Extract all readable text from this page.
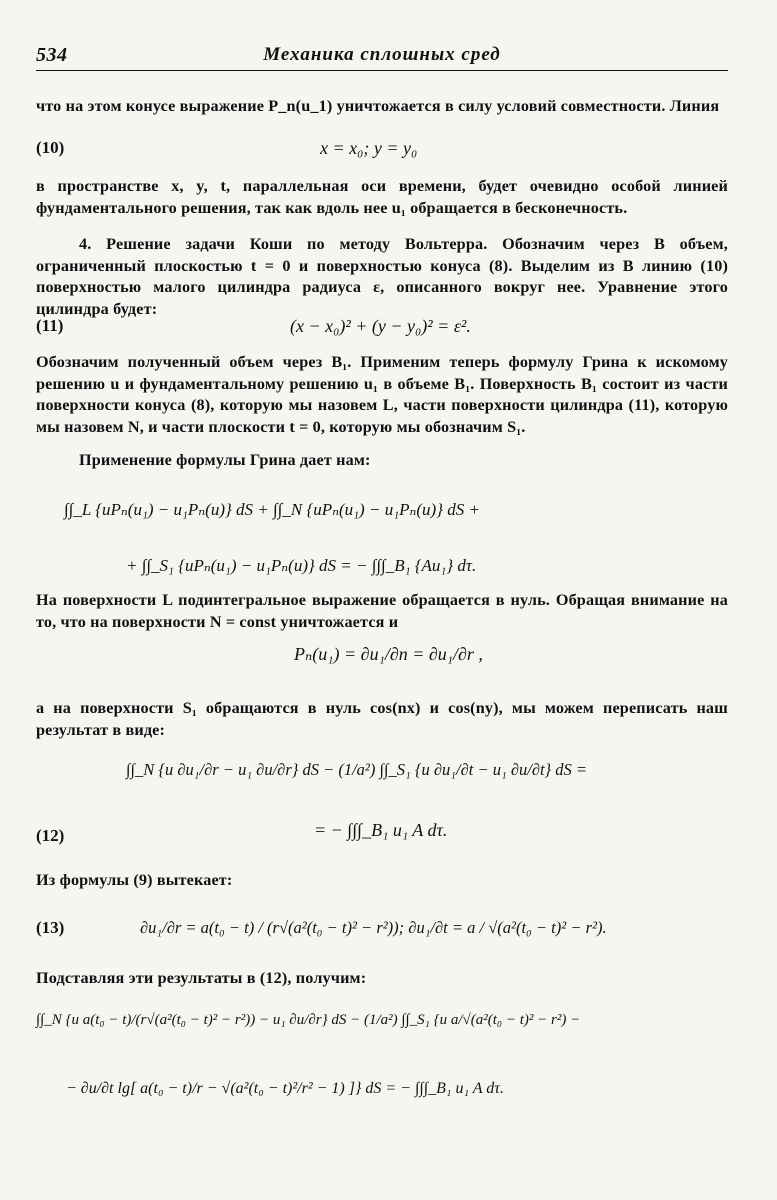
534	Механика сплошных сред
что на этом конусе выражение P_n(u_1) уничтожается в силу условий совместности. Линия
(10)	x = x₀; y = y₀
в пространстве x, y, t, параллельная оси времени, будет очевидно особой линией фундаментального решения, так как вдоль нее u₁ обращается в бесконечность.
4. Решение задачи Коши по методу Вольтерра. Обозначим через B объем, ограниченный плоскостью t = 0 и поверхностью конуса (8). Выделим из B линию (10) поверхностью малого цилиндра радиуса ε, описанного вокруг нее. Уравнение этого цилиндра будет:
(11)	(x − x₀)² + (y − y₀)² = ε².
Обозначим полученный объем через B₁. Применим теперь формулу Грина к искомому решению u и фундаментальному решению u₁ в объеме B₁. Поверхность B₁ состоит из части поверхности конуса (8), которую мы назовем L, части поверхности цилиндра (11), которую мы назовем N, и части плоскости t = 0, которую мы обозначим S₁.
Применение формулы Грина дает нам:
∫∫_L {uPₙ(u₁) − u₁Pₙ(u)} dS + ∫∫_N {uPₙ(u₁) − u₁Pₙ(u)} dS +
+ ∫∫_S₁ {uPₙ(u₁) − u₁Pₙ(u)} dS = − ∫∫∫_B₁ {Au₁} dτ.
На поверхности L подинтегральное выражение обращается в нуль. Обращая внимание на то, что на поверхности N = const уничтожается и
Pₙ(u₁) = ∂u₁/∂n = ∂u₁/∂r ,
а на поверхности S₁ обращаются в нуль cos(nx) и cos(ny), мы можем переписать наш результат в виде:
∫∫_N {u ∂u₁/∂r − u₁ ∂u/∂r} dS − (1/a²) ∫∫_S₁ {u ∂u₁/∂t − u₁ ∂u/∂t} dS =
(12)	= − ∫∫∫_B₁ u₁ A dτ.
Из формулы (9) вытекает:
(13)	∂u₁/∂r = a(t₀ − t) / (r√(a²(t₀ − t)² − r²)); ∂u₁/∂t = a / √(a²(t₀ − t)² − r²).
Подставляя эти результаты в (12), получим:
∫∫_N {u a(t₀ − t)/(r√(a²(t₀ − t)² − r²)) − u₁ ∂u/∂r} dS − (1/a²) ∫∫_S₁ {u a/√(a²(t₀ − t)² − r²) −
− ∂u/∂t lg[ a(t₀ − t)/r − √(a²(t₀ − t)²/r² − 1) ]} dS = − ∫∫∫_B₁ u₁ A dτ.
